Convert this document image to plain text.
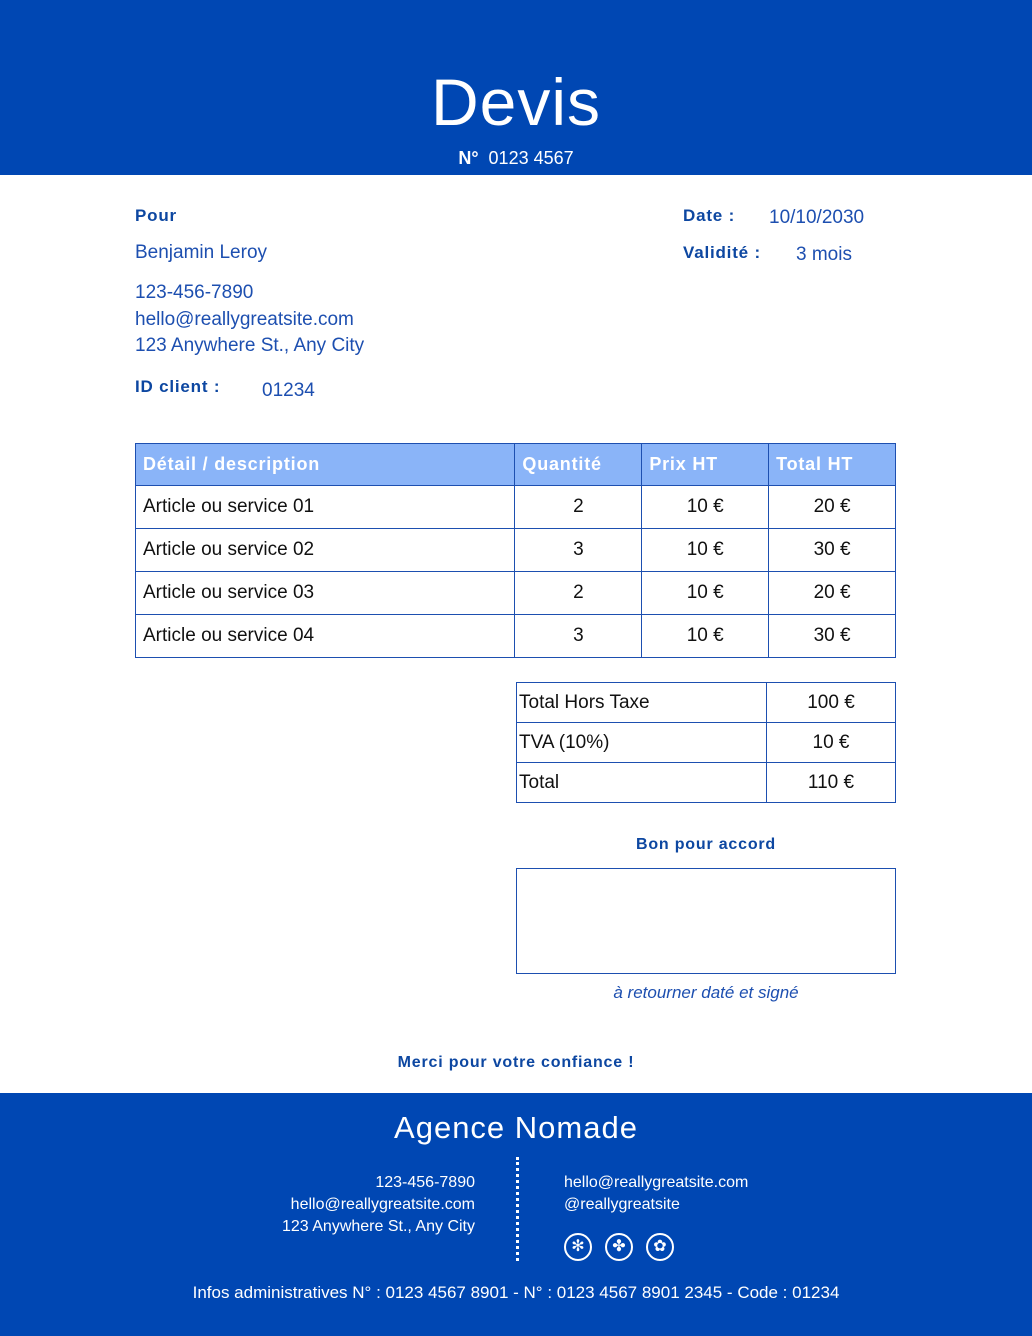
Devis
N° 0123 4567
Pour
Benjamin Leroy
123-456-7890
hello@reallygreatsite.com
123 Anywhere St., Any City
ID client : 01234
Date : 10/10/2030
Validité : 3 mois
Détail / description	Quantité	Prix HT	Total HT
Article ou service 01	2	10 €	20 €
Article ou service 02	3	10 €	30 €
Article ou service 03	2	10 €	20 €
Article ou service 04	3	10 €	30 €
Total Hors Taxe	100 €
TVA (10%)	10 €
Total	110 €
Bon pour accord
à retourner daté et signé
Merci pour votre confiance !
Agence Nomade
123-456-7890
hello@reallygreatsite.com
123 Anywhere St., Any City
hello@reallygreatsite.com
@reallygreatsite
✻	✤	✿
Infos administratives N° : 0123 4567 8901 - N° : 0123 4567 8901 2345 - Code : 01234
